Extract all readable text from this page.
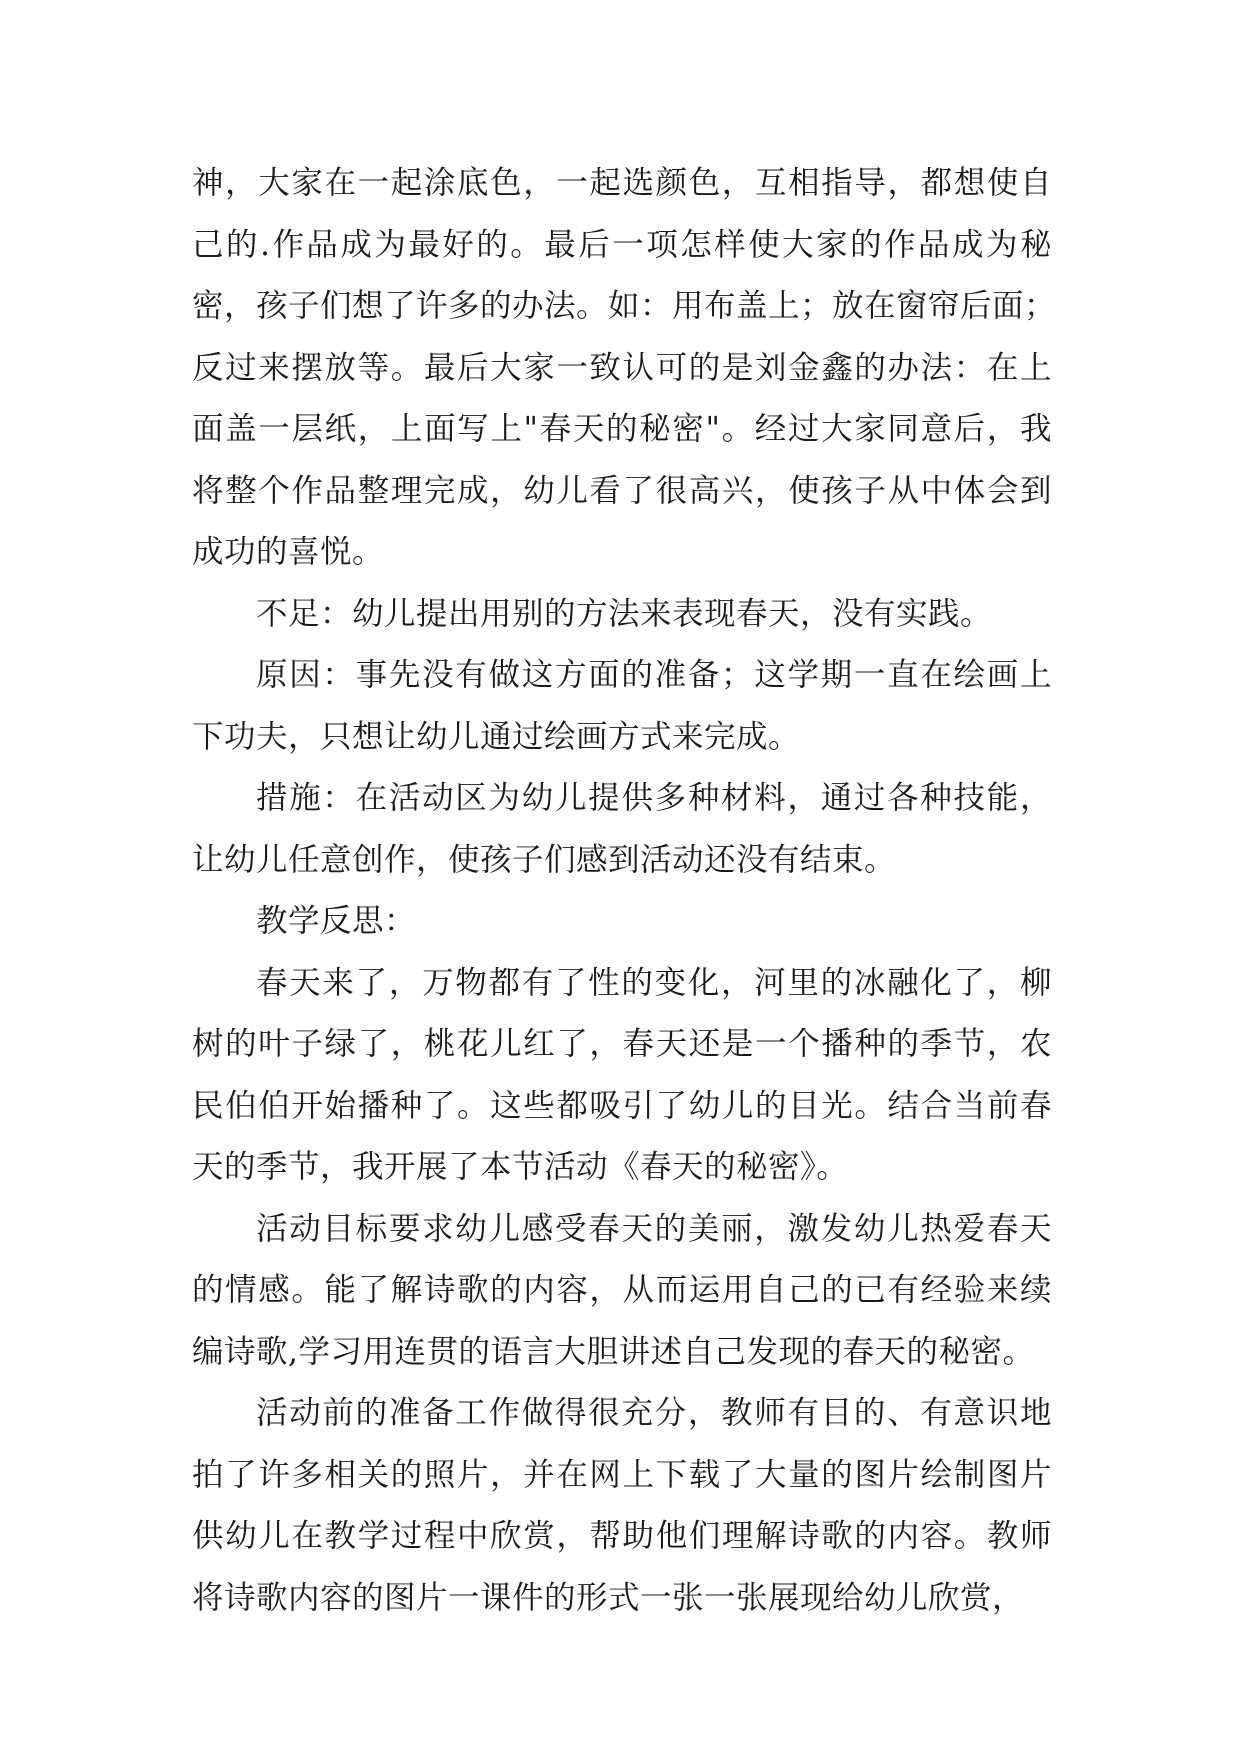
神，大家在一起涂底色，一起选颜色，互相指导，都想使自
己的.作品成为最好的。最后一项怎样使大家的作品成为秘
密，孩子们想了许多的办法。如：用布盖上；放在窗帘后面；
反过来摆放等。最后大家一致认可的是刘金鑫的办法：在上
面盖一层纸，上面写上"春天的秘密"。经过大家同意后，我
将整个作品整理完成，幼儿看了很高兴，使孩子从中体会到
成功的喜悦。
不足：幼儿提出用别的方法来表现春天，没有实践。
原因：事先没有做这方面的准备；这学期一直在绘画上
下功夫，只想让幼儿通过绘画方式来完成。
措施：在活动区为幼儿提供多种材料，通过各种技能，
让幼儿任意创作，使孩子们感到活动还没有结束。
教学反思：
春天来了，万物都有了性的变化，河里的冰融化了，柳
树的叶子绿了，桃花儿红了，春天还是一个播种的季节，农
民伯伯开始播种了。这些都吸引了幼儿的目光。结合当前春
天的季节，我开展了本节活动《春天的秘密》。
活动目标要求幼儿感受春天的美丽，激发幼儿热爱春天
的情感。能了解诗歌的内容，从而运用自己的已有经验来续
编诗歌,学习用连贯的语言大胆讲述自己发现的春天的秘密。
活动前的准备工作做得很充分，教师有目的、有意识地
拍了许多相关的照片，并在网上下载了大量的图片绘制图片
供幼儿在教学过程中欣赏，帮助他们理解诗歌的内容。教师
将诗歌内容的图片一课件的形式一张一张展现给幼儿欣赏，
